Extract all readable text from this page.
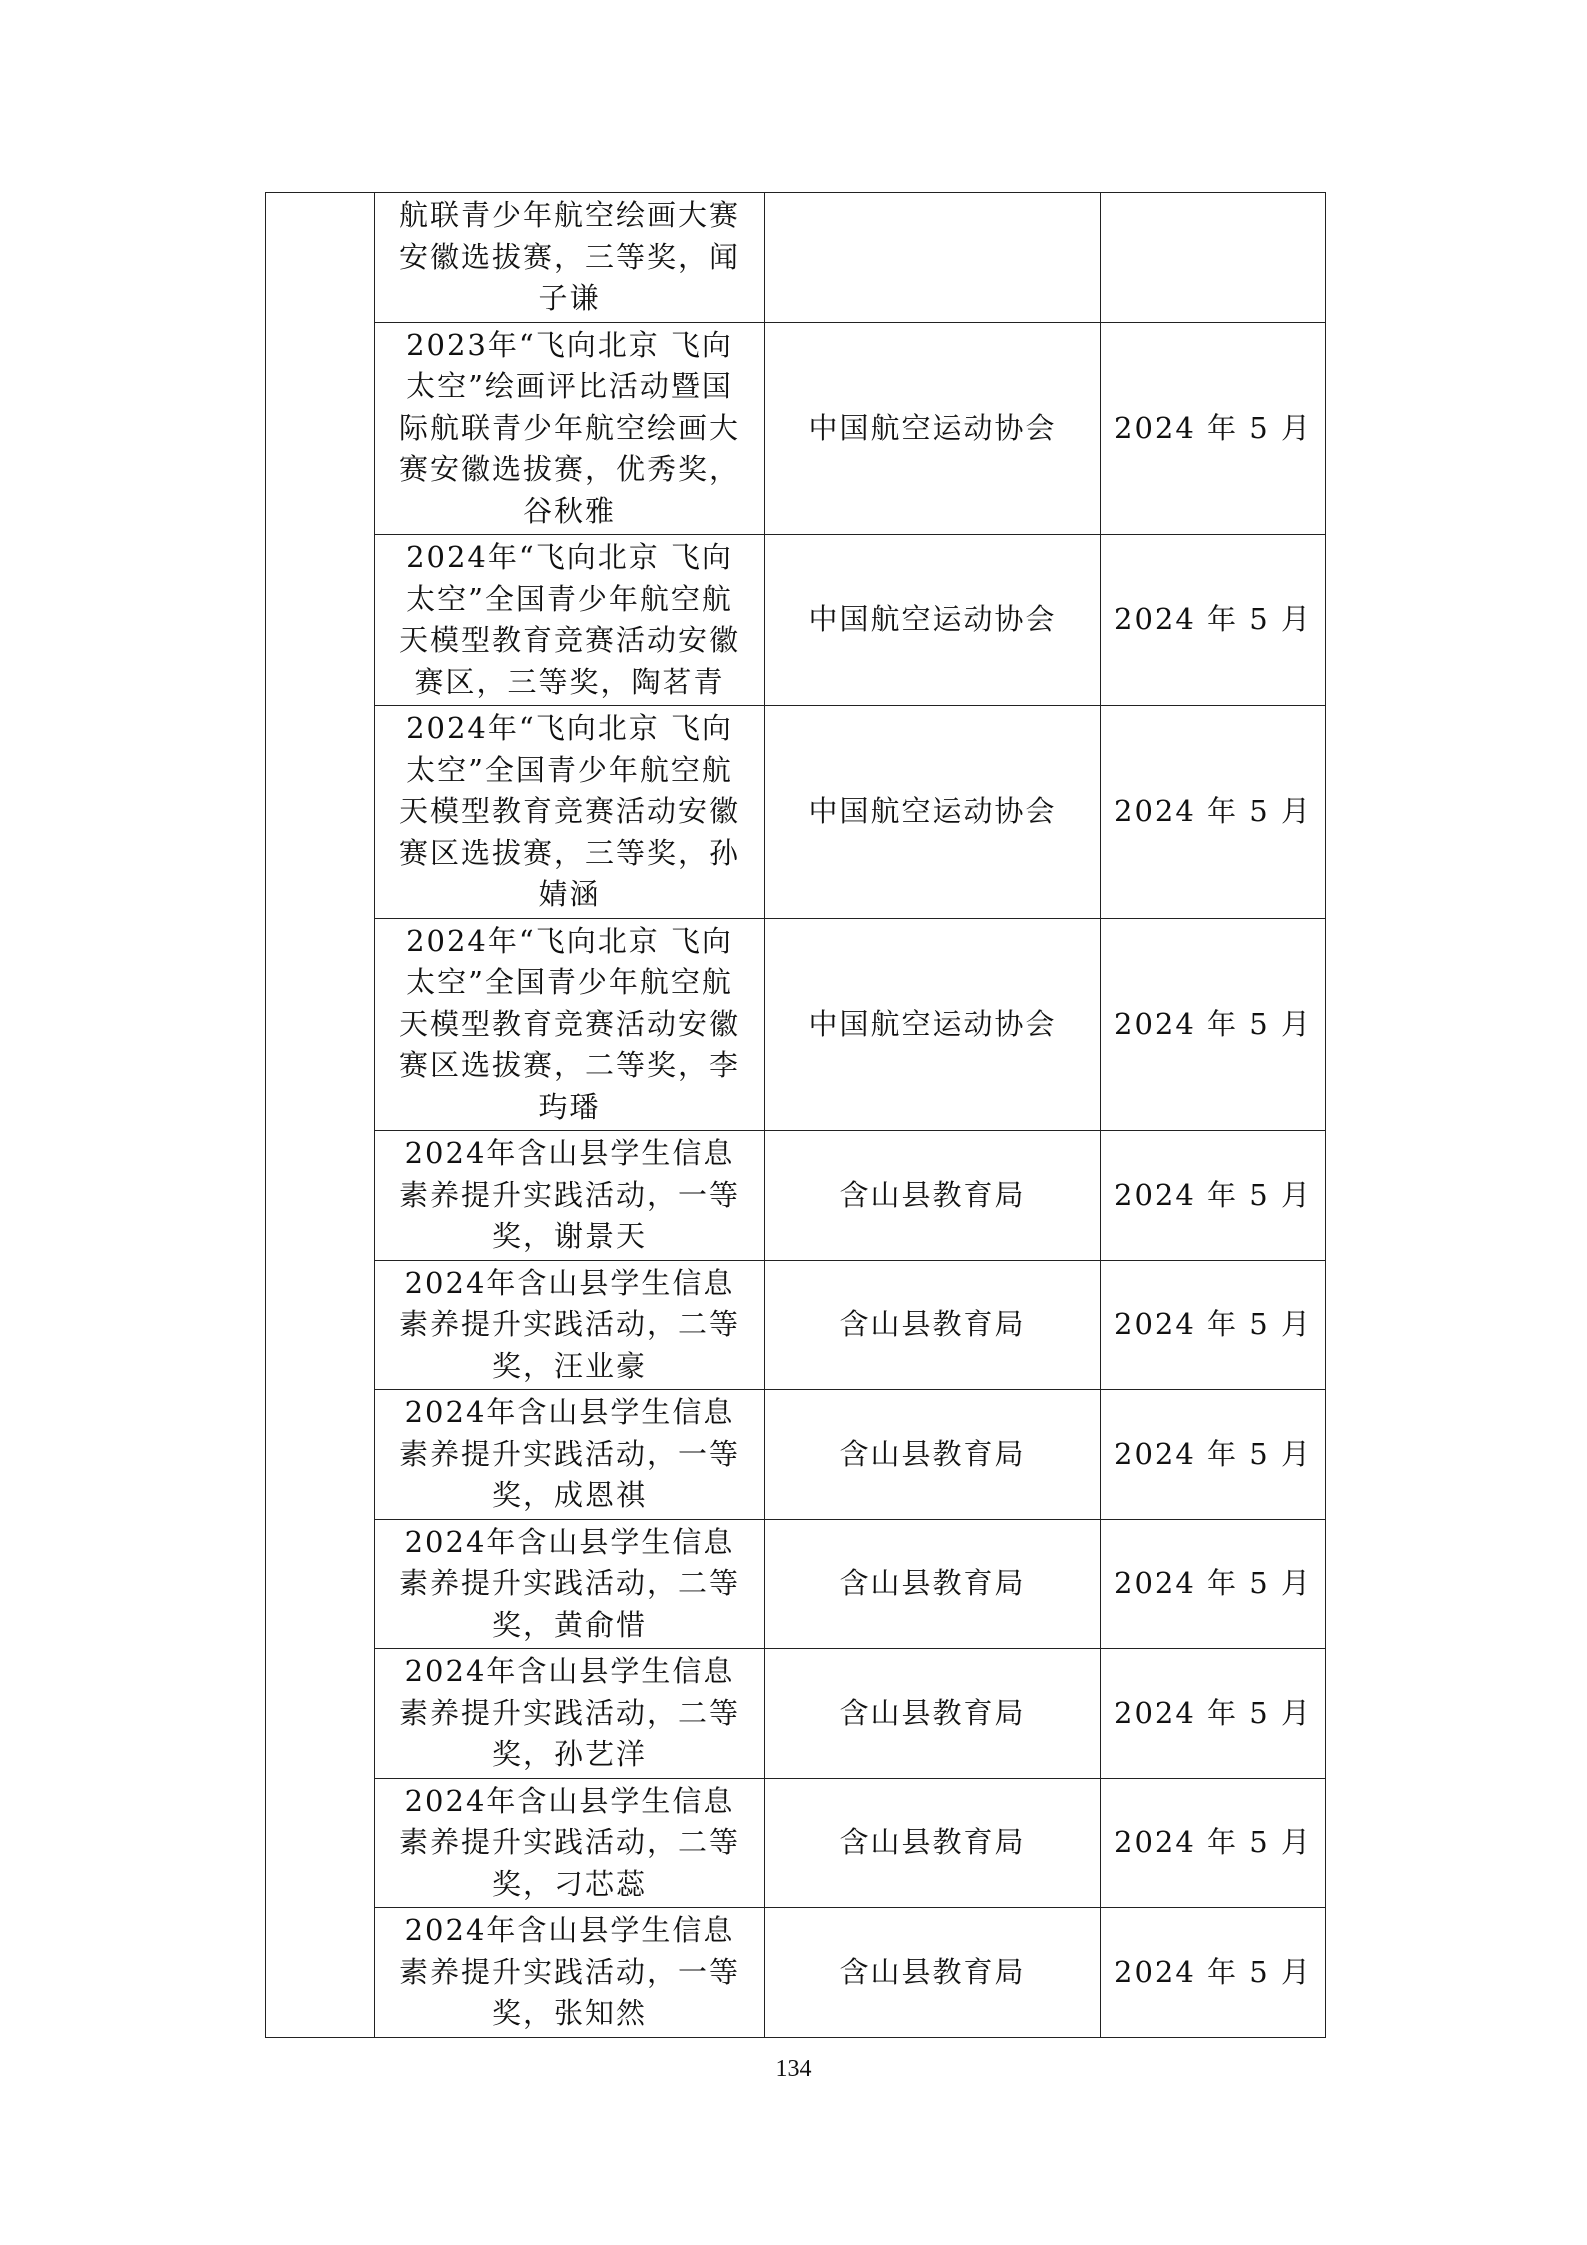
	航联青少年航空绘画大赛安徽选拔赛，三等奖，闻子谦		
	2023年“飞向北京 飞向太空”绘画评比活动暨国际航联青少年航空绘画大赛安徽选拔赛，优秀奖，谷秋雅	中国航空运动协会	2024 年 5 月
	2024年“飞向北京 飞向太空”全国青少年航空航天模型教育竞赛活动安徽赛区，三等奖，陶茗青	中国航空运动协会	2024 年 5 月
	2024年“飞向北京 飞向太空”全国青少年航空航天模型教育竞赛活动安徽赛区选拔赛，三等奖，孙婧涵	中国航空运动协会	2024 年 5 月
	2024年“飞向北京 飞向太空”全国青少年航空航天模型教育竞赛活动安徽赛区选拔赛，二等奖，李玙璠	中国航空运动协会	2024 年 5 月
	2024年含山县学生信息素养提升实践活动，一等奖，谢景天	含山县教育局	2024 年 5 月
	2024年含山县学生信息素养提升实践活动，二等奖，汪业豪	含山县教育局	2024 年 5 月
	2024年含山县学生信息素养提升实践活动，一等奖，成恩祺	含山县教育局	2024 年 5 月
	2024年含山县学生信息素养提升实践活动，二等奖，黄俞惜	含山县教育局	2024 年 5 月
	2024年含山县学生信息素养提升实践活动，二等奖，孙艺洋	含山县教育局	2024 年 5 月
	2024年含山县学生信息素养提升实践活动，二等奖，刁芯蕊	含山县教育局	2024 年 5 月
	2024年含山县学生信息素养提升实践活动，一等奖，张知然	含山县教育局	2024 年 5 月
134
